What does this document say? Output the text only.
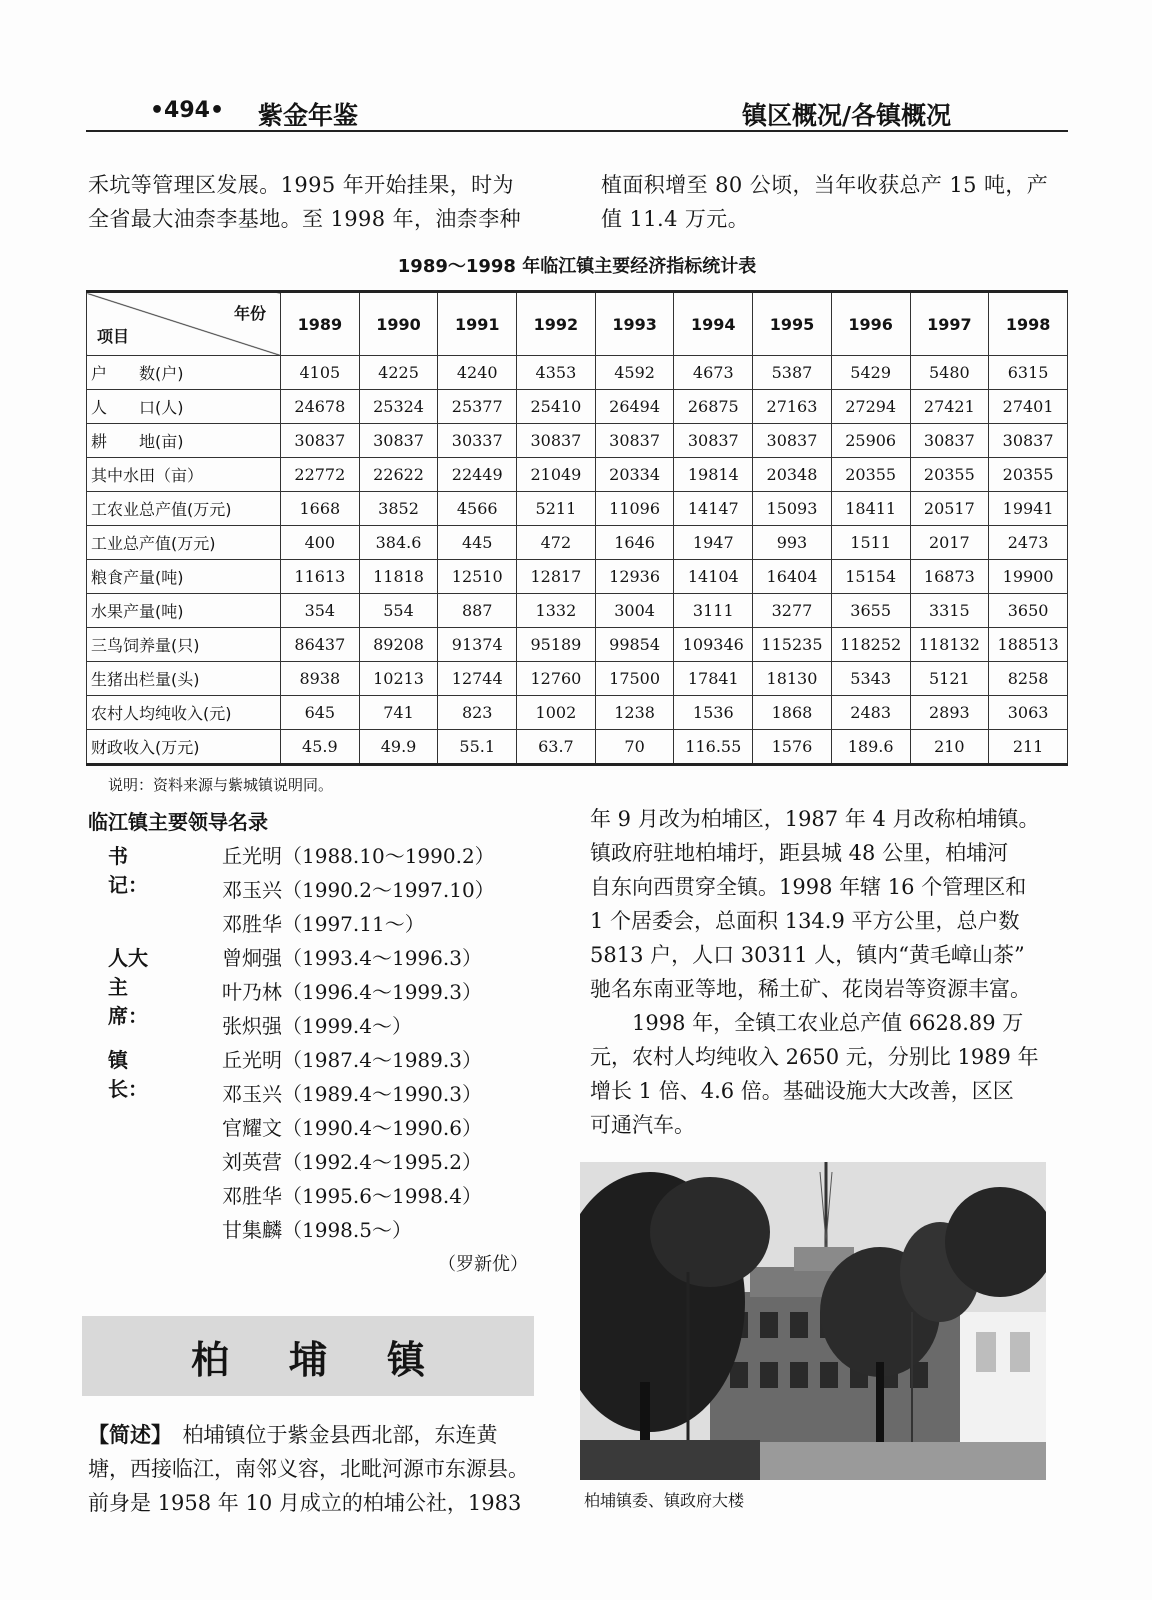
•494• 紫金年鉴	镇区概况/各镇概况
禾坑等管理区发展。1995 年开始挂果，时为
全省最大油柰李基地。至 1998 年，油柰李种
植面积增至 80 公顷，当年收获总产 15 吨，产
值 11.4 万元。
1989～1998 年临江镇主要经济指标统计表
年份
项目	1989	1990	1991	1992	1993	1994	1995	1996	1997	1998
户　　数(户)	4105	4225	4240	4353	4592	4673	5387	5429	5480	6315
人　　口(人)	24678	25324	25377	25410	26494	26875	27163	27294	27421	27401
耕　　地(亩)	30837	30837	30337	30837	30837	30837	30837	25906	30837	30837
其中水田（亩）	22772	22622	22449	21049	20334	19814	20348	20355	20355	20355
工农业总产值(万元)	1668	3852	4566	5211	11096	14147	15093	18411	20517	19941
工业总产值(万元)	400	384.6	445	472	1646	1947	993	1511	2017	2473
粮食产量(吨)	11613	11818	12510	12817	12936	14104	16404	15154	16873	19900
水果产量(吨)	354	554	887	1332	3004	3111	3277	3655	3315	3650
三鸟饲养量(只)	86437	89208	91374	95189	99854	109346	115235	118252	118132	188513
生猪出栏量(头)	8938	10213	12744	12760	17500	17841	18130	5343	5121	8258
农村人均纯收入(元)	645	741	823	1002	1238	1536	1868	2483	2893	3063
财政收入(万元)	45.9	49.9	55.1	63.7	70	116.55	1576	189.6	210	211
说明：资料来源与紫城镇说明同。
临江镇主要领导名录
书　　记：
丘光明（1988.10～1990.2）
邓玉兴（1990.2～1997.10）
邓胜华（1997.11～）
人大主席：
曾炯强（1993.4～1996.3）
叶乃林（1996.4～1999.3）
张炽强（1999.4～）
镇　　长：
丘光明（1987.4～1989.3）
邓玉兴（1989.4～1990.3）
官耀文（1990.4～1990.6）
刘英营（1992.4～1995.2）
邓胜华（1995.6～1998.4）
甘集麟（1998.5～）
（罗新优）
年 9 月改为柏埔区，1987 年 4 月改称柏埔镇。
镇政府驻地柏埔圩，距县城 48 公里，柏埔河
自东向西贯穿全镇。1998 年辖 16 个管理区和
1 个居委会，总面积 134.9 平方公里，总户数
5813 户，人口 30311 人，镇内“黄毛嶂山茶”
驰名东南亚等地，稀土矿、花岗岩等资源丰富。
　　1998 年，全镇工农业总产值 6628.89 万
元，农村人均纯收入 2650 元，分别比 1989 年
增长 1 倍、4.6 倍。基础设施大大改善，区区
可通汽车。
柏埔镇
【简述】　柏埔镇位于紫金县西北部，东连黄
塘，西接临江，南邻义容，北毗河源市东源县。
前身是 1958 年 10 月成立的柏埔公社，1983	柏埔镇委、镇政府大楼
